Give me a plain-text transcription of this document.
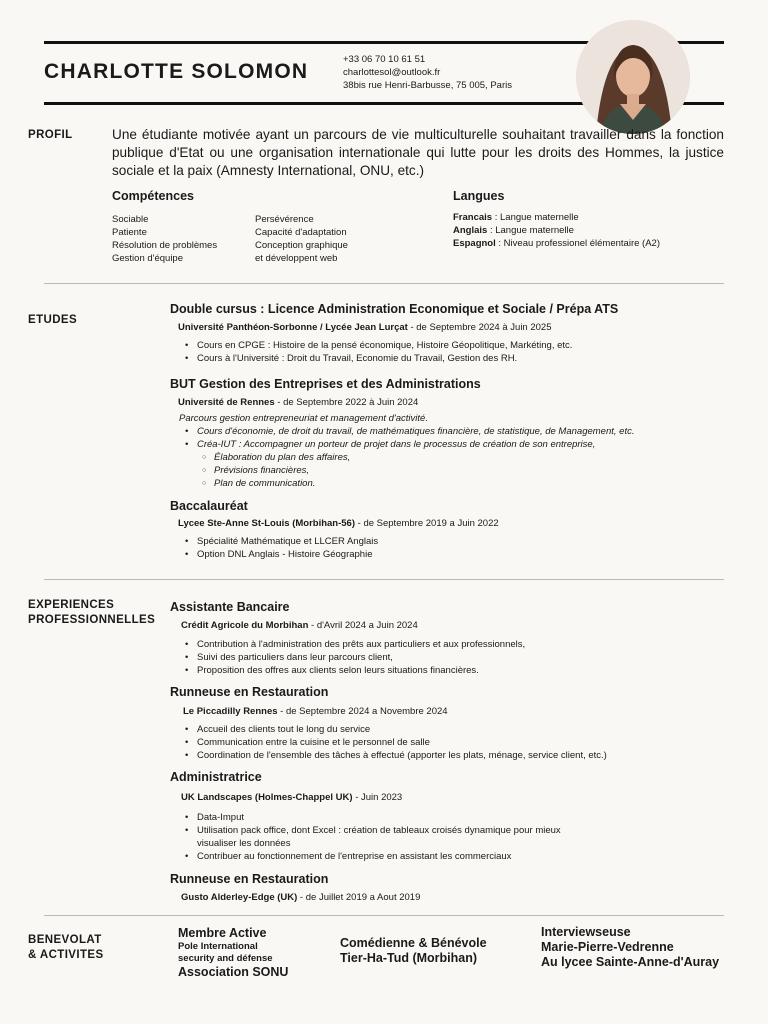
CHARLOTTE SOLOMON
+33 06 70 10 61 51
charlottesol@outlook.fr
38bis rue Henri-Barbusse, 75 005, Paris
PROFIL	Une étudiante motivée ayant un parcours de vie multiculturelle souhaitant travailler dans la fonction publique d'Etat ou une organisation internationale qui lutte pour les droits des Hommes, la justice sociale et la paix (Amnesty International, ONU, etc.)
Compétences
Sociable
Patiente
Résolution de problèmes
Gestion d'équipe
Persévérence
Capacité d'adaptation
Conception graphique
et développent web
Langues
Francais : Langue maternelle
Anglais : Langue maternelle
Espagnol : Niveau professionel élémentaire (A2)
ETUDES
Double cursus : Licence Administration Economique et Sociale / Prépa ATS
Université Panthéon-Sorbonne / Lycée Jean Lurçat - de Septembre 2024 à Juin 2025
• Cours en CPGE : Histoire de la pensé économique, Histoire Géopolitique, Markéting, etc.
• Cours à l'Université : Droit du Travail, Economie du Travail, Gestion des RH.
BUT Gestion des Entreprises et des Administrations
Université de Rennes - de Septembre 2022 à Juin 2024
Parcours gestion entrepreneuriat et management d'activité.
• Cours d'économie, de droit du travail, de mathématiques financière, de statistique, de Management, etc.
• Créa-IUT : Accompagner un porteur de projet dans le processus de création de son entreprise,
○ Élaboration du plan des affaires,
○ Prévisions financières,
○ Plan de communication.
Baccalauréat
Lycee Ste-Anne St-Louis (Morbihan-56) - de Septembre 2019 a Juin 2022
• Spécialité Mathématique et LLCER Anglais
• Option DNL Anglais - Histoire Géographie
EXPERIENCES
PROFESSIONNELLES
Assistante Bancaire
Crédit Agricole du Morbihan - d'Avril 2024 a Juin 2024
• Contribution à l'administration des prêts aux particuliers et aux professionnels,
• Suivi des particuliers dans leur parcours client,
• Proposition des offres aux clients selon leurs situations financières.
Runneuse en Restauration
Le Piccadilly Rennes - de Septembre 2024 a Novembre 2024
• Accueil des clients tout le long du service
• Communication entre la cuisine et le personnel de salle
• Coordination de l'ensemble des tâches à effectué (apporter les plats, ménage, service client, etc.)
Administratrice
UK Landscapes (Holmes-Chappel UK) - Juin 2023
• Data-Imput
• Utilisation pack office, dont Excel : création de tableaux croisés dynamique pour mieux visualiser les données
• Contribuer au fonctionnement de l'entreprise en assistant les commerciaux
Runneuse en Restauration
Gusto Alderley-Edge (UK) - de Juillet 2019 a Aout 2019
BENEVOLAT
& ACTIVITES
Membre Active
Pole International
security and défense
Association SONU
Comédienne & Bénévole
Tier-Ha-Tud (Morbihan)
Interviewseuse
Marie-Pierre-Vedrenne
Au lycee Sainte-Anne-d'Auray
